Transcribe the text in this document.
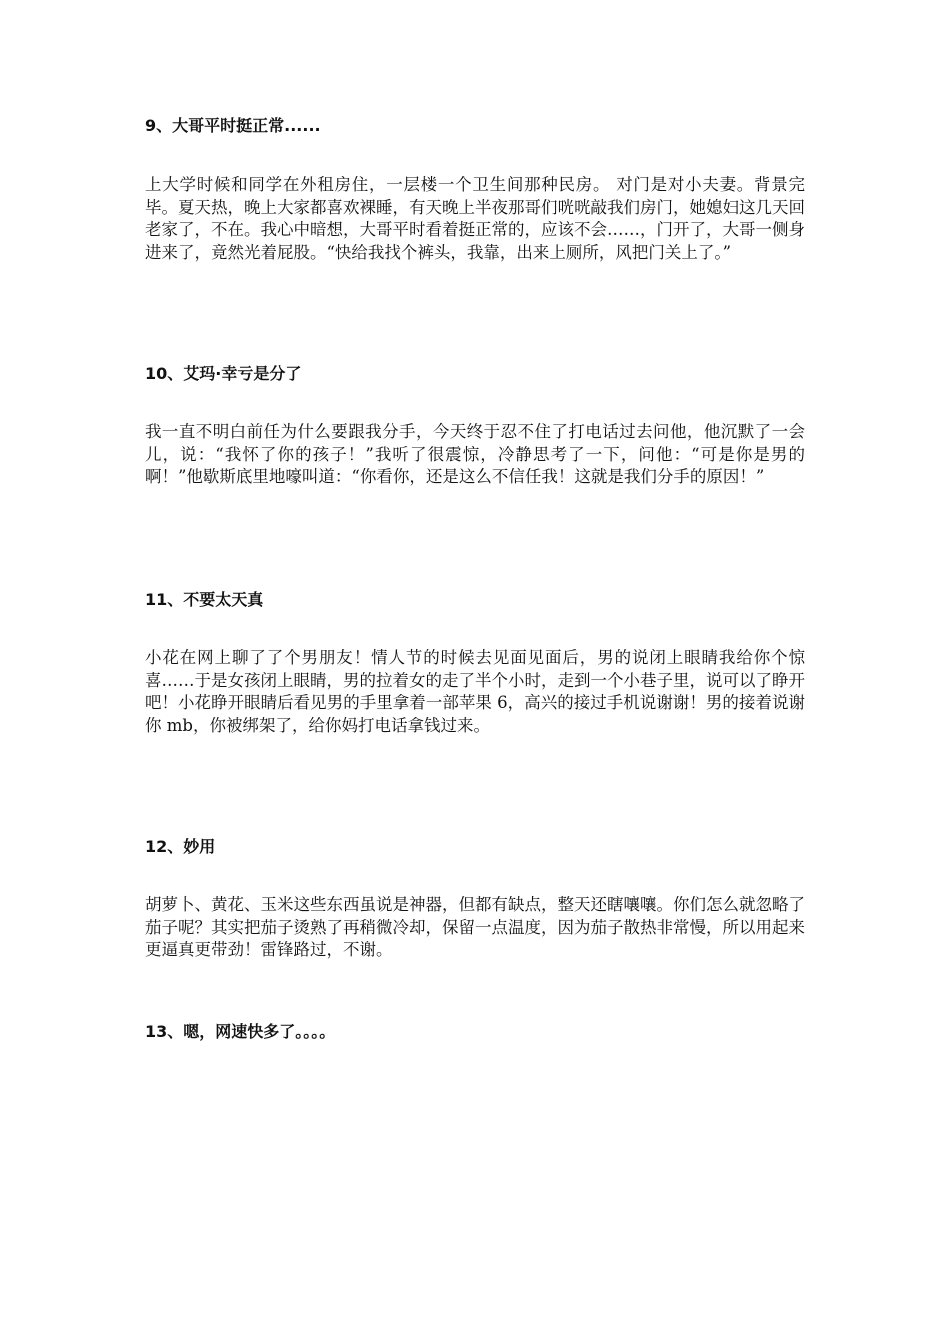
9、大哥平时挺正常......

上大学时候和同学在外租房住，一层楼一个卫生间那种民房。 对门是对小夫妻。背景完毕。夏天热，晚上大家都喜欢裸睡，有天晚上半夜那哥们咣咣敲我们房门，她媳妇这几天回老家了，不在。我心中暗想，大哥平时看着挺正常的，应该不会……，门开了，大哥一侧身进来了，竟然光着屁股。“快给我找个裤头，我靠，出来上厕所，风把门关上了。”

10、艾玛·幸亏是分了

我一直不明白前任为什么要跟我分手，今天终于忍不住了打电话过去问他，他沉默了一会儿，说：“我怀了你的孩子！”我听了很震惊，冷静思考了一下，问他：“可是你是男的啊！”他歇斯底里地嚎叫道：“你看你，还是这么不信任我！这就是我们分手的原因！”

11、不要太天真

小花在网上聊了了个男朋友！情人节的时候去见面见面后，男的说闭上眼睛我给你个惊喜……于是女孩闭上眼睛，男的拉着女的走了半个小时，走到一个小巷子里，说可以了睁开吧！小花睁开眼睛后看见男的手里拿着一部苹果 6，高兴的接过手机说谢谢！男的接着说谢你 mb，你被绑架了，给你妈打电话拿钱过来。

12、妙用

胡萝卜、黄花、玉米这些东西虽说是神器，但都有缺点，整天还瞎嚷嚷。你们怎么就忽略了茄子呢？其实把茄子烫熟了再稍微冷却，保留一点温度，因为茄子散热非常慢，所以用起来更逼真更带劲！雷锋路过，不谢。

13、嗯，网速快多了。。。。
